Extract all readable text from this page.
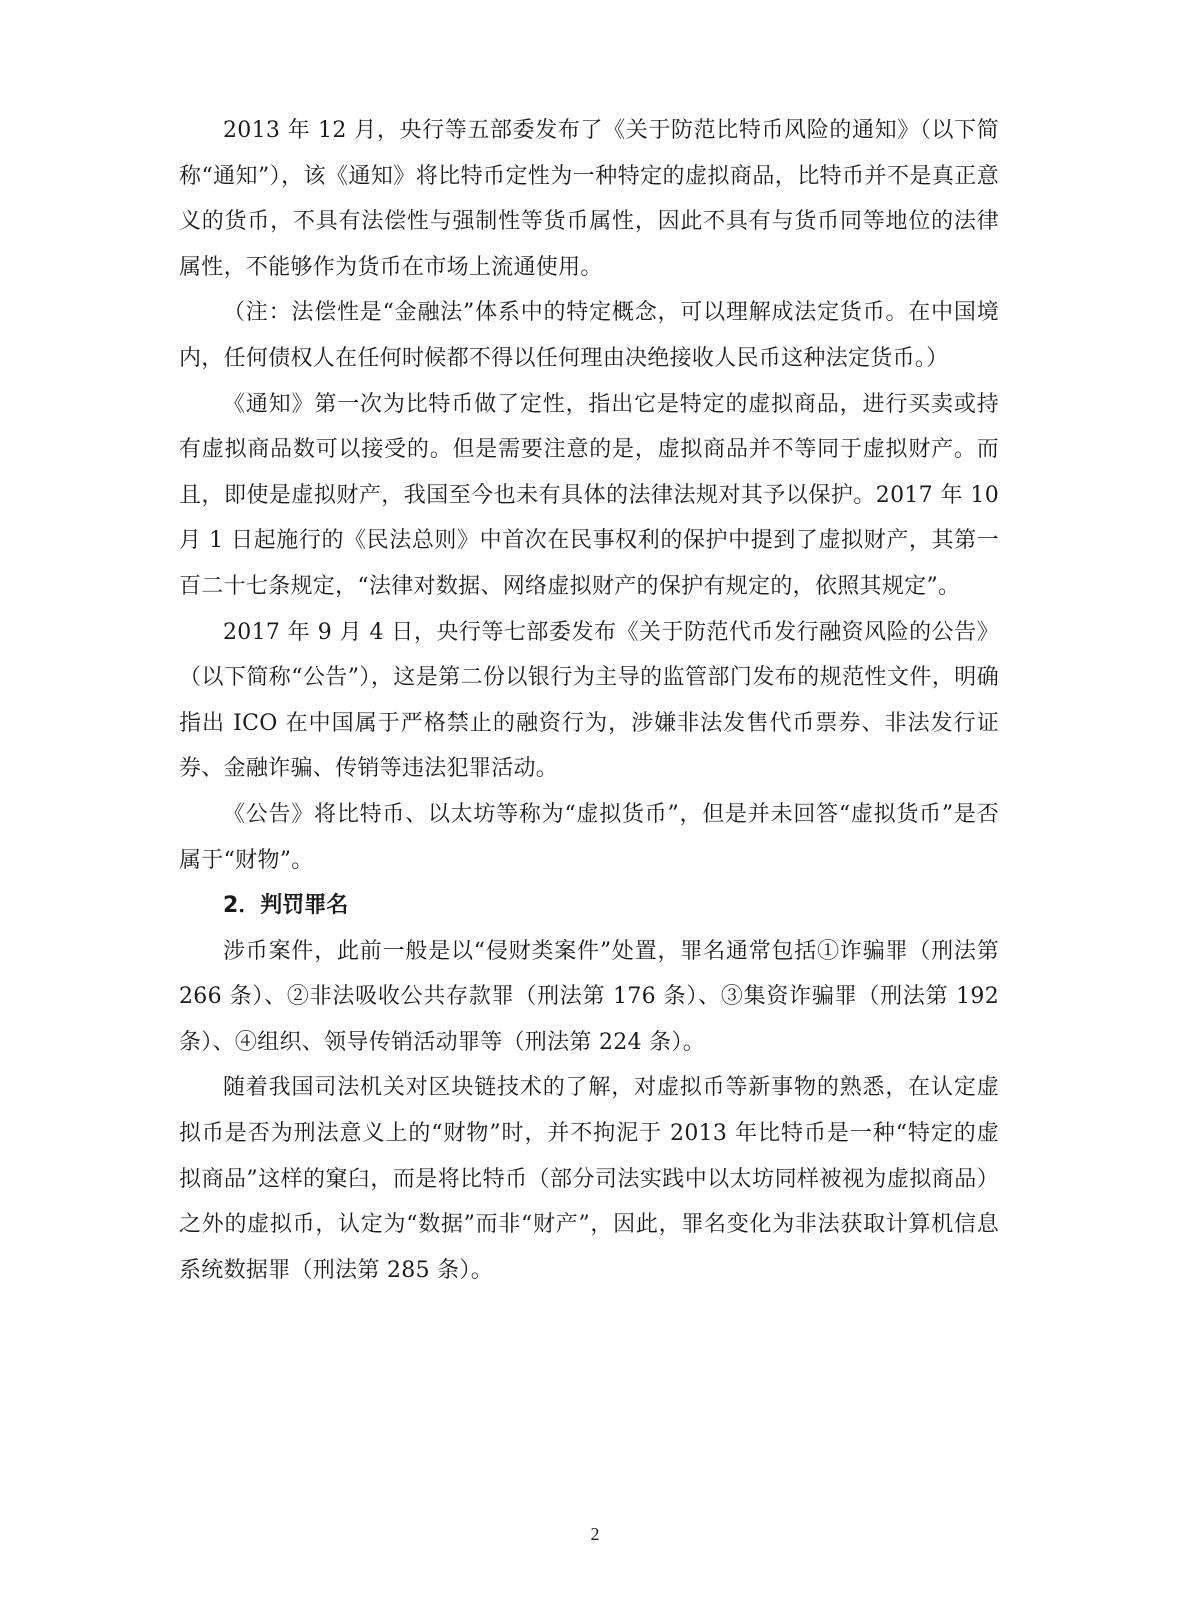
2013 年 12 月，央行等五部委发布了《关于防范比特币风险的通知》（以下简称“通知”），该《通知》将比特币定性为一种特定的虚拟商品，比特币并不是真正意义的货币，不具有法偿性与强制性等货币属性，因此不具有与货币同等地位的法律属性，不能够作为货币在市场上流通使用。

（注：法偿性是“金融法”体系中的特定概念，可以理解成法定货币。在中国境内，任何债权人在任何时候都不得以任何理由决绝接收人民币这种法定货币。）

《通知》第一次为比特币做了定性，指出它是特定的虚拟商品，进行买卖或持有虚拟商品数可以接受的。但是需要注意的是，虚拟商品并不等同于虚拟财产。而且，即使是虚拟财产，我国至今也未有具体的法律法规对其予以保护。2017 年 10 月 1 日起施行的《民法总则》中首次在民事权利的保护中提到了虚拟财产，其第一百二十七条规定，“法律对数据、网络虚拟财产的保护有规定的，依照其规定”。

2017 年 9 月 4 日，央行等七部委发布《关于防范代币发行融资风险的公告》（以下简称“公告”），这是第二份以银行为主导的监管部门发布的规范性文件，明确指出 ICO 在中国属于严格禁止的融资行为，涉嫌非法发售代币票券、非法发行证券、金融诈骗、传销等违法犯罪活动。

《公告》将比特币、以太坊等称为“虚拟货币”，但是并未回答“虚拟货币”是否属于“财物”。

2．判罚罪名

涉币案件，此前一般是以“侵财类案件”处置，罪名通常包括①诈骗罪（刑法第 266 条）、②非法吸收公共存款罪（刑法第 176 条）、③集资诈骗罪（刑法第 192 条）、④组织、领导传销活动罪等（刑法第 224 条）。

随着我国司法机关对区块链技术的了解，对虚拟币等新事物的熟悉，在认定虚拟币是否为刑法意义上的“财物”时，并不拘泥于 2013 年比特币是一种“特定的虚拟商品”这样的窠臼，而是将比特币（部分司法实践中以太坊同样被视为虚拟商品）之外的虚拟币，认定为“数据”而非“财产”，因此，罪名变化为非法获取计算机信息系统数据罪（刑法第 285 条）。

2
